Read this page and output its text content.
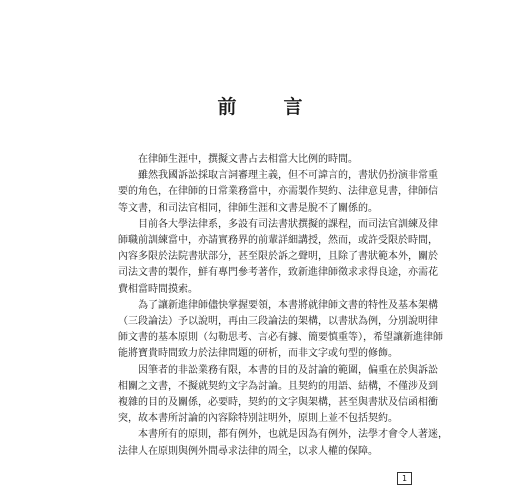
前　言

在律師生涯中，撰擬文書占去相當大比例的時間。

雖然我國訴訟採取言詞審理主義，但不可諱言的，書狀仍扮演非常重
要的角色，在律師的日常業務當中，亦需製作契約、法律意見書，律師信
等文書，和司法官相同，律師生涯和文書是脫不了關係的。

目前各大學法律系，多設有司法書狀撰擬的課程，而司法官訓練及律
師職前訓練當中，亦請實務界的前輩詳細講授，然而，或許受限於時間，
內容多限於法院書狀部分，甚至限於訴之聲明，且除了書狀範本外，關於
司法文書的製作，鮮有專門參考著作，致新進律師徵求求得良途，亦需花
費相當時間摸索。

為了讓新進律師儘快掌握要領，本書將就律師文書的特性及基本架構
（三段論法）予以說明，再由三段論法的架構，以書狀為例，分別說明律
師文書的基本原則（勾勒思考、言必有據、簡要慎重等），希望讓新進律師
能將寶貴時間致力於法律問題的研析，而非文字或句型的修飾。

因筆者的非訟業務有限，本書的目的及討論的範圍，偏重在於與訴訟
相關之文書，不擬就契約文字為討論。且契約的用語、結構，不僅涉及到
複雜的目的及關係，必要時，契約的文字與架構，甚至與書狀及信函相衝
突，故本書所討論的內容除特別註明外，原則上並不包括契約。

本書所有的原則，都有例外，也就是因為有例外，法學才會令人著迷，
法律人在原則與例外間尋求法律的周全，以求人權的保障。

1
